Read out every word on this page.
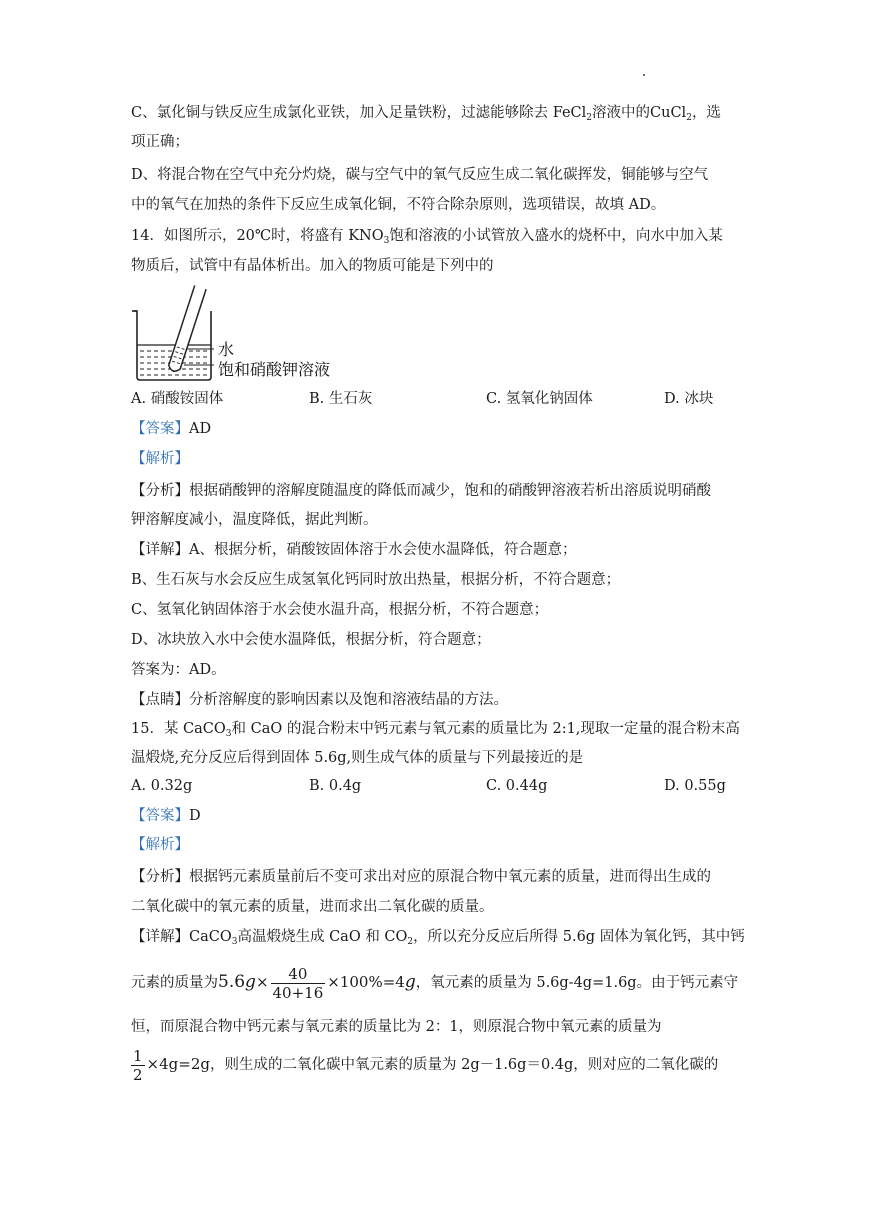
C、氯化铜与铁反应生成氯化亚铁，加入足量铁粉，过滤能够除去 FeCl$_2$溶液中的CuCl$_2$，选
项正确；
D、将混合物在空气中充分灼烧，碳与空气中的氧气反应生成二氧化碳挥发，铜能够与空气
中的氧气在加热的条件下反应生成氧化铜，不符合除杂原则，选项错误，故填 AD。
14．如图所示，20℃时，将盛有 $KNO_3$饱和溶液的小试管放入盛水的烧杯中，向水中加入某
物质后，试管中有晶体析出。加入的物质可能是下列中的
水
饱和硝酸钾溶液
A. 硝酸铵固体	B. 生石灰	C. 氢氧化钠固体	D. 冰块
【答案】AD
【解析】
【分析】根据硝酸钾的溶解度随温度的降低而减少，饱和的硝酸钾溶液若析出溶质说明硝酸
钾溶解度减小，温度降低，据此判断。
【详解】A、根据分析，硝酸铵固体溶于水会使水温降低，符合题意；
B、生石灰与水会反应生成氢氧化钙同时放出热量，根据分析，不符合题意；
C、氢氧化钠固体溶于水会使水温升高，根据分析，不符合题意；
D、冰块放入水中会使水温降低，根据分析，符合题意；
答案为：AD。
【点睛】分析溶解度的影响因素以及饱和溶液结晶的方法。
15．某 CaCO$_3$和 CaO 的混合粉末中钙元素与氧元素的质量比为 2:1,现取一定量的混合粉末高
温煅烧,充分反应后得到固体 5.6g,则生成气体的质量与下列最接近的是
A. 0.32g	B. 0.4g	C. 0.44g	D. 0.55g
【答案】D
【解析】
【分析】根据钙元素质量前后不变可求出对应的原混合物中氧元素的质量，进而得出生成的
二氧化碳中的氧元素的质量，进而求出二氧化碳的质量。
【详解】CaCO$_3$高温煅烧生成 CaO 和 $CO_2$，所以充分反应后所得 5.6g 固体为氧化钙，其中钙
元素的质量为$5.6g\times \frac{40}{40+16} \times 100\%=4g$，氧元素的质量为 5.6g-4g=1.6g。由于钙元素守
恒，而原混合物中钙元素与氧元素的质量比为 2：1，则原混合物中氧元素的质量为
$\frac{1}{2} \times 4g=2g$，则生成的二氧化碳中氧元素的质量为 2g－1.6g＝0.4g，则对应的二氧化碳的
